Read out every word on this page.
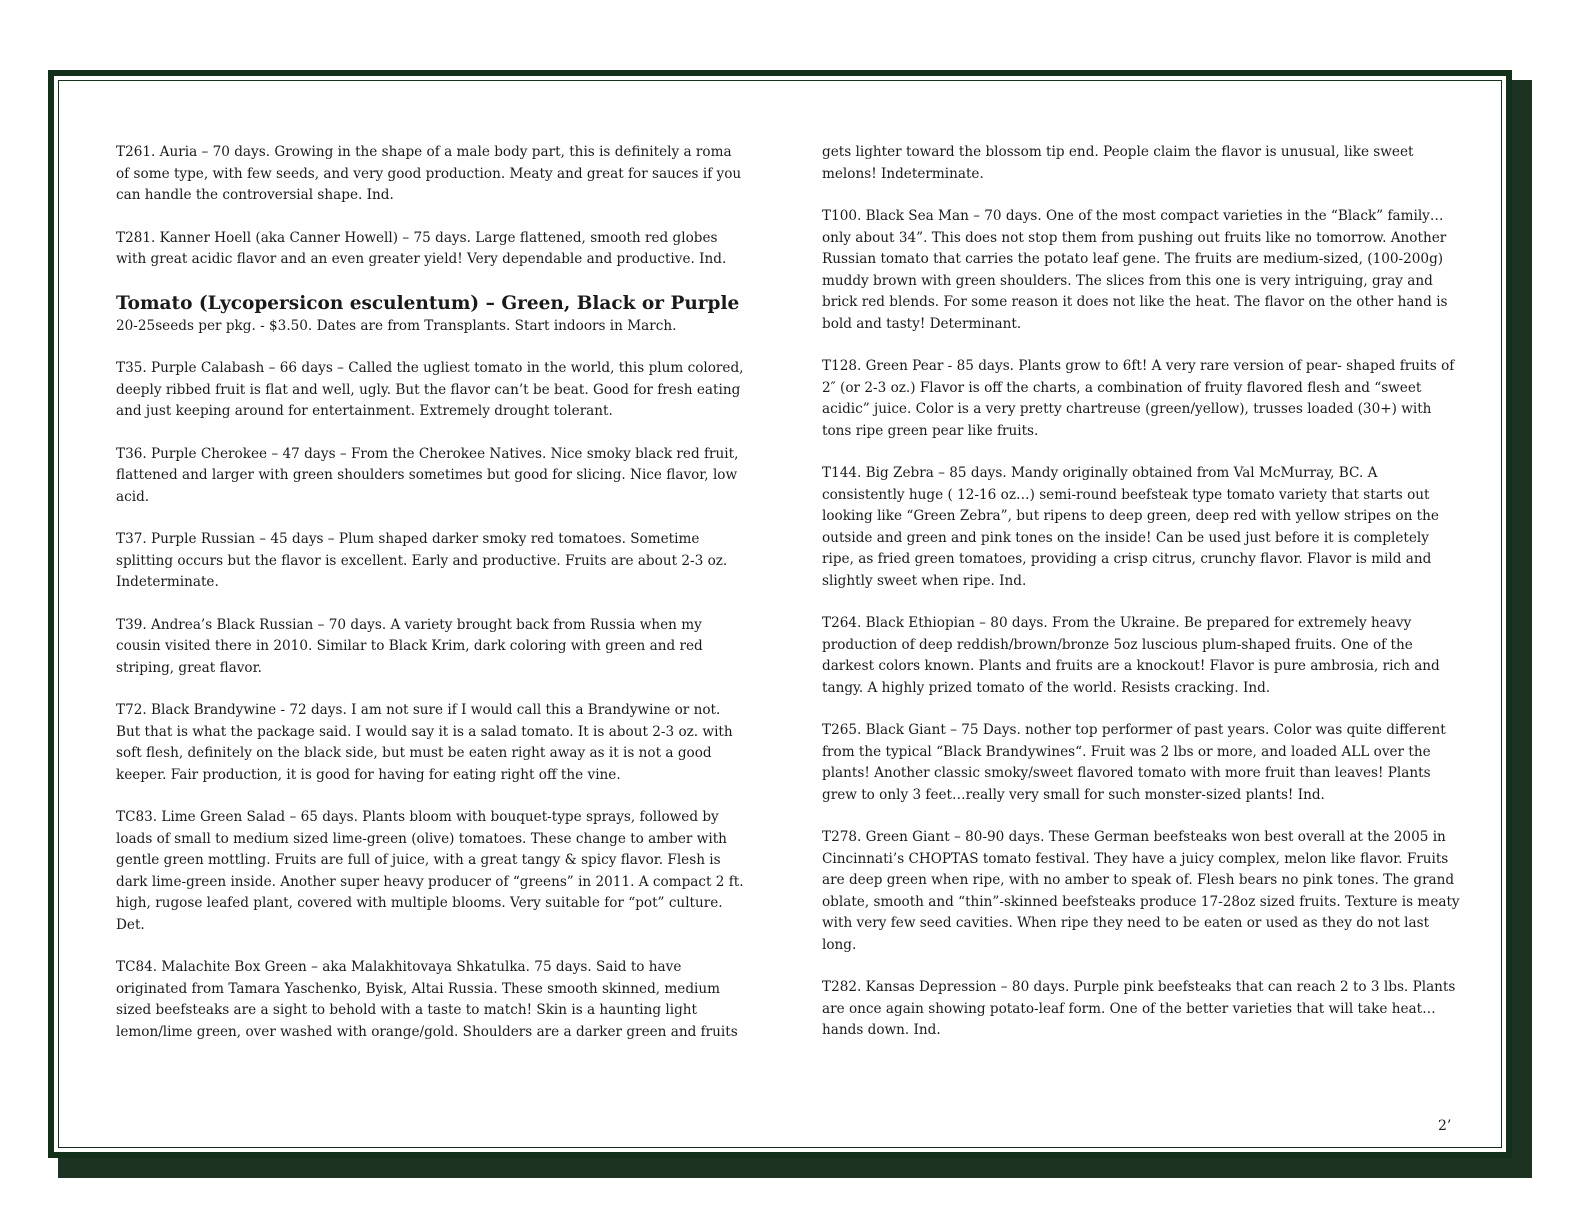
T261. Auria – 70 days. Growing in the shape of a male body part, this is definitely a roma of some type, with few seeds, and very good production. Meaty and great for sauces if you can handle the controversial shape. Ind.

T281. Kanner Hoell (aka Canner Howell) – 75 days. Large flattened, smooth red globes with great acidic flavor and an even greater yield! Very dependable and productive. Ind.

Tomato (Lycopersicon esculentum) – Green, Black or Purple

20-25seeds per pkg. - $3.50. Dates are from Transplants. Start indoors in March.

T35. Purple Calabash – 66 days – Called the ugliest tomato in the world, this plum colored, deeply ribbed fruit is flat and well, ugly. But the flavor can’t be beat. Good for fresh eating and just keeping around for entertainment. Extremely drought tolerant.

T36. Purple Cherokee – 47 days – From the Cherokee Natives. Nice smoky black red fruit, flattened and larger with green shoulders sometimes but good for slicing. Nice flavor, low acid.

T37. Purple Russian – 45 days – Plum shaped darker smoky red tomatoes. Sometime splitting occurs but the flavor is excellent. Early and productive. Fruits are about 2-3 oz. Indeterminate.

T39. Andrea’s Black Russian – 70 days. A variety brought back from Russia when my cousin visited there in 2010. Similar to Black Krim, dark coloring with green and red striping, great flavor.

T72. Black Brandywine - 72 days. I am not sure if I would call this a Brandywine or not. But that is what the package said. I would say it is a salad tomato. It is about 2-3 oz. with soft flesh, definitely on the black side, but must be eaten right away as it is not a good keeper. Fair production, it is good for having for eating right off the vine.

TC83. Lime Green Salad – 65 days. Plants bloom with bouquet-type sprays, followed by loads of small to medium sized lime-green (olive) tomatoes. These change to amber with gentle green mottling. Fruits are full of juice, with a great tangy & spicy flavor. Flesh is dark lime-green inside. Another super heavy producer of “greens” in 2011. A compact 2 ft. high, rugose leafed plant, covered with multiple blooms. Very suitable for “pot” culture. Det.

TC84. Malachite Box Green – aka Malakhitovaya Shkatulka. 75 days. Said to have originated from Tamara Yaschenko, Byisk, Altai Russia. These smooth skinned, medium sized beefsteaks are a sight to behold with a taste to match! Skin is a haunting light lemon/lime green, over washed with orange/gold. Shoulders are a darker green and fruits

gets lighter toward the blossom tip end. People claim the flavor is unusual, like sweet melons! Indeterminate.

T100. Black Sea Man – 70 days. One of the most compact varieties in the “Black” family…only about 34”. This does not stop them from pushing out fruits like no tomorrow. Another Russian tomato that carries the potato leaf gene. The fruits are medium-sized, (100-200g) muddy brown with green shoulders. The slices from this one is very intriguing, gray and brick red blends. For some reason it does not like the heat. The flavor on the other hand is bold and tasty! Determinant.

T128. Green Pear - 85 days. Plants grow to 6ft! A very rare version of pear- shaped fruits of 2″ (or 2-3 oz.) Flavor is off the charts, a combination of fruity flavored flesh and “sweet acidic” juice. Color is a very pretty chartreuse (green/yellow), trusses loaded (30+) with tons ripe green pear like fruits.

T144. Big Zebra – 85 days. Mandy originally obtained from Val McMurray, BC. A consistently huge ( 12-16 oz…) semi-round beefsteak type tomato variety that starts out looking like “Green Zebra”, but ripens to deep green, deep red with yellow stripes on the outside and green and pink tones on the inside! Can be used just before it is completely ripe, as fried green tomatoes, providing a crisp citrus, crunchy flavor. Flavor is mild and slightly sweet when ripe. Ind.

T264. Black Ethiopian – 80 days. From the Ukraine. Be prepared for extremely heavy production of deep reddish/brown/bronze 5oz luscious plum-shaped fruits. One of the darkest colors known. Plants and fruits are a knockout! Flavor is pure ambrosia, rich and tangy. A highly prized tomato of the world. Resists cracking. Ind.

T265. Black Giant – 75 Days. nother top performer of past years. Color was quite different from the typical “Black Brandywines“. Fruit was 2 lbs or more, and loaded ALL over the plants! Another classic smoky/sweet flavored tomato with more fruit than leaves! Plants grew to only 3 feet…really very small for such monster-sized plants! Ind.

T278. Green Giant – 80-90 days. These German beefsteaks won best overall at the 2005 in Cincinnati’s CHOPTAS tomato festival. They have a juicy complex, melon like flavor. Fruits are deep green when ripe, with no amber to speak of. Flesh bears no pink tones. The grand oblate, smooth and “thin”-skinned beefsteaks produce 17-28oz sized fruits. Texture is meaty with very few seed cavities. When ripe they need to be eaten or used as they do not last long.

T282. Kansas Depression – 80 days. Purple pink beefsteaks that can reach 2 to 3 lbs. Plants are once again showing potato-leaf form. One of the better varieties that will take heat…hands down. Ind.

2’
